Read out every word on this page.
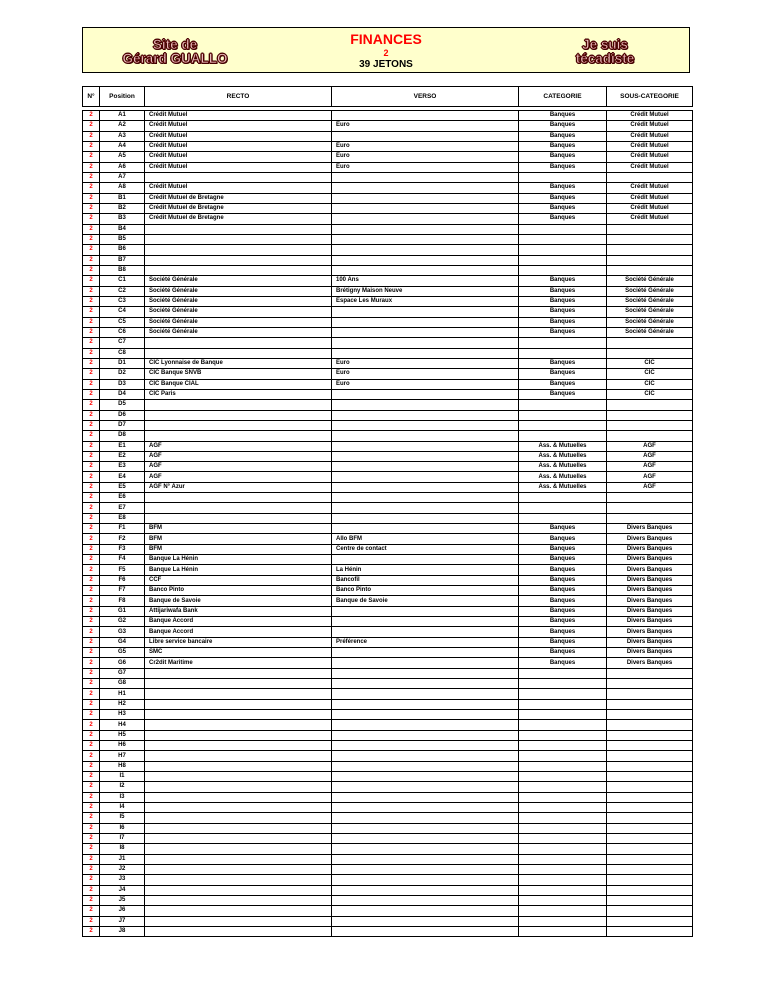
Site de
Gérard GUALLO
FINANCES
2
39 JETONS
Je suis
técadiste
N°	Position	RECTO	VERSO	CATEGORIE	SOUS-CATEGORIE

2	A1	Crédit Mutuel		Banques	Crédit Mutuel
2	A2	Crédit Mutuel	Euro	Banques	Crédit Mutuel
2	A3	Crédit Mutuel		Banques	Crédit Mutuel
2	A4	Crédit Mutuel	Euro	Banques	Crédit Mutuel
2	A5	Crédit Mutuel	Euro	Banques	Crédit Mutuel
2	A6	Crédit Mutuel	Euro	Banques	Crédit Mutuel
2	A7				
2	A8	Crédit Mutuel		Banques	Crédit Mutuel
2	B1	Crédit Mutuel de Bretagne		Banques	Crédit Mutuel
2	B2	Crédit Mutuel de Bretagne		Banques	Crédit Mutuel
2	B3	Crédit Mutuel de Bretagne		Banques	Crédit Mutuel
2	B4				
2	B5				
2	B6				
2	B7				
2	B8				
2	C1	Société Générale	100 Ans	Banques	Société Générale
2	C2	Société Générale	Brétigny Maison Neuve	Banques	Société Générale
2	C3	Société Générale	Espace Les Muraux	Banques	Société Générale
2	C4	Société Générale		Banques	Société Générale
2	C5	Société Générale		Banques	Société Générale
2	C6	Société Générale		Banques	Société Générale
2	C7				
2	C8				
2	D1	CIC Lyonnaise de Banque	Euro	Banques	CIC
2	D2	CIC Banque SNVB	Euro	Banques	CIC
2	D3	CIC Banque CIAL	Euro	Banques	CIC
2	D4	CIC Paris		Banques	CIC
2	D5				
2	D6				
2	D7				
2	D8				
2	E1	AGF		Ass. & Mutuelles	AGF
2	E2	AGF		Ass. & Mutuelles	AGF
2	E3	AGF		Ass. & Mutuelles	AGF
2	E4	AGF		Ass. & Mutuelles	AGF
2	E5	AGF N° Azur		Ass. & Mutuelles	AGF
2	E6				
2	E7				
2	E8				
2	F1	BFM		Banques	Divers Banques
2	F2	BFM	Allo BFM	Banques	Divers Banques
2	F3	BFM	Centre de contact	Banques	Divers Banques
2	F4	Banque La Hénin		Banques	Divers Banques
2	F5	Banque La Hénin	La Hénin	Banques	Divers Banques
2	F6	CCF	Bancofil	Banques	Divers Banques
2	F7	Banco Pinto	Banco Pinto	Banques	Divers Banques
2	F8	Banque de Savoie	Banque de Savoie	Banques	Divers Banques
2	G1	Attijariwafa Bank		Banques	Divers Banques
2	G2	Banque Accord		Banques	Divers Banques
2	G3	Banque Accord		Banques	Divers Banques
2	G4	Libre service bancaire	Préférence	Banques	Divers Banques
2	G5	SMC		Banques	Divers Banques
2	G6	Cr2dit Maritime		Banques	Divers Banques
2	G7				
2	G8				
2	H1				
2	H2				
2	H3				
2	H4				
2	H5				
2	H6				
2	H7				
2	H8				
2	I1				
2	I2				
2	I3				
2	I4				
2	I5				
2	I6				
2	I7				
2	I8				
2	J1				
2	J2				
2	J3				
2	J4				
2	J5				
2	J6				
2	J7				
2	J8				
